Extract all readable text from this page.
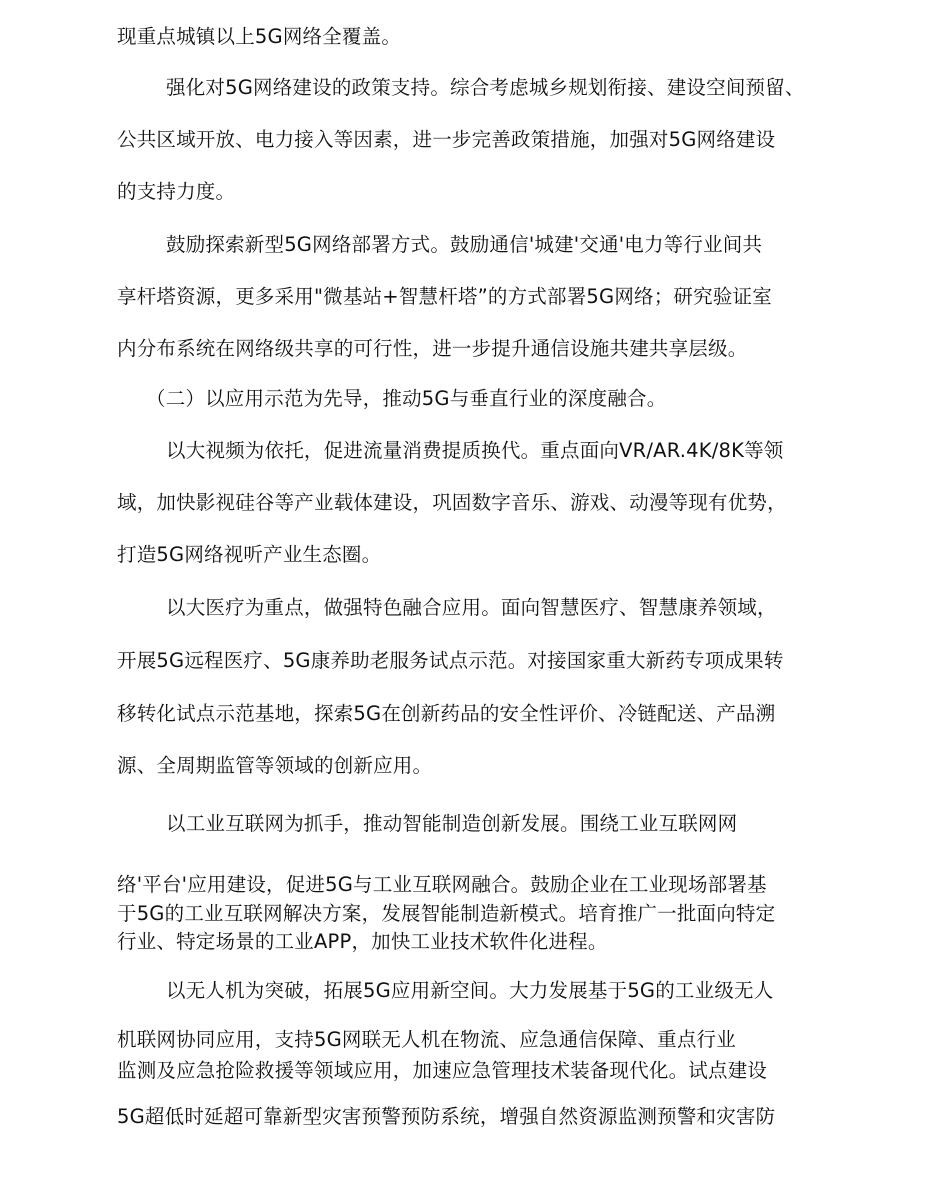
现重点城镇以上5G网络全覆盖。
强化对5G网络建设的政策支持。综合考虑城乡规划衔接、建设空间预留、
公共区域开放、电力接入等因素，进一步完善政策措施，加强对5G网络建设
的支持力度。
鼓励探索新型5G网络部署方式。鼓励通信'城建'交通'电力等行业间共
享杆塔资源，更多采用"微基站+智慧杆塔”的方式部署5G网络；研究验证室
内分布系统在网络级共享的可行性，进一步提升通信设施共建共享层级。
（二）以应用示范为先导，推动5G与垂直行业的深度融合。
以大视频为依托，促进流量消费提质换代。重点面向VR/AR.4K/8K等领
域，加快影视硅谷等产业载体建设，巩固数字音乐、游戏、动漫等现有优势，
打造5G网络视听产业生态圈。
以大医疗为重点，做强特色融合应用。面向智慧医疗、智慧康养领域，
开展5G远程医疗、5G康养助老服务试点示范。对接国家重大新药专项成果转
移转化试点示范基地，探索5G在创新药品的安全性评价、冷链配送、产品溯
源、全周期监管等领域的创新应用。
以工业互联网为抓手，推动智能制造创新发展。围绕工业互联网网
络'平台'应用建设，促进5G与工业互联网融合。鼓励企业在工业现场部署基
于5G的工业互联网解决方案，发展智能制造新模式。培育推广一批面向特定
行业、特定场景的工业APP，加快工业技术软件化进程。
以无人机为突破，拓展5G应用新空间。大力发展基于5G的工业级无人
机联网协同应用，支持5G网联无人机在物流、应急通信保障、重点行业
监测及应急抢险救援等领域应用，加速应急管理技术装备现代化。试点建设
5G超低时延超可靠新型灾害预警预防系统，增强自然资源监测预警和灾害防
